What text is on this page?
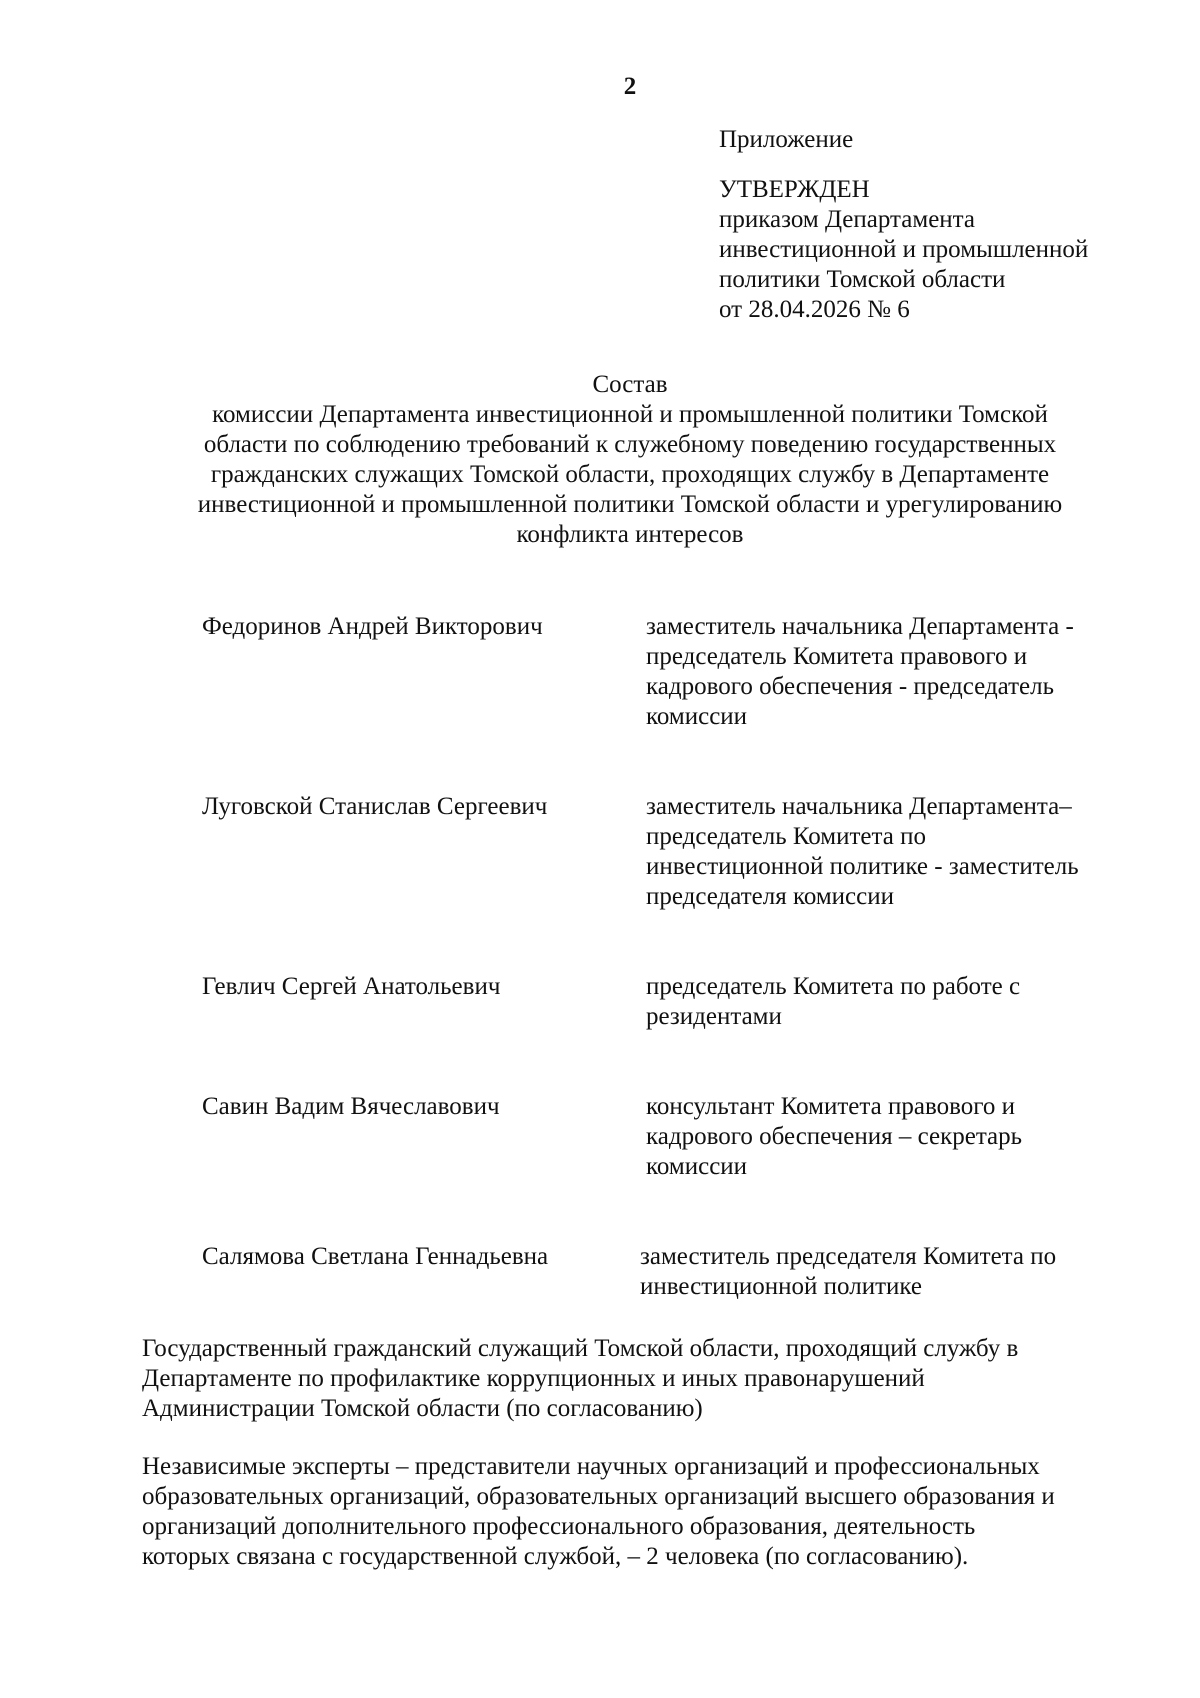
2
Приложение
УТВЕРЖДЕН
приказом Департамента
инвестиционной и промышленной
политики Томской области
от 28.04.2026 № 6
Состав
комиссии Департамента инвестиционной и промышленной политики Томской
области по соблюдению требований к служебному поведению государственных
гражданских служащих Томской области, проходящих службу в Департаменте
инвестиционной и промышленной политики Томской области и урегулированию
конфликта интересов
Федоринов Андрей Викторович	заместитель начальника Департамента -
председатель Комитета правового и
кадрового обеспечения - председатель
комиссии
Луговской Станислав Сергеевич	заместитель начальника Департамента–
председатель Комитета по
инвестиционной политике - заместитель
председателя комиссии
Гевлич Сергей Анатольевич	председатель Комитета по работе с
резидентами
Савин Вадим Вячеславович	консультант Комитета правового и
кадрового обеспечения – секретарь
комиссии
Салямова Светлана Геннадьевна	заместитель председателя Комитета по
инвестиционной политике
Государственный гражданский служащий Томской области, проходящий службу в
Департаменте по профилактике коррупционных и иных правонарушений
Администрации Томской области (по согласованию)
Независимые эксперты – представители научных организаций и профессиональных
образовательных организаций, образовательных организаций высшего образования и
организаций дополнительного профессионального образования, деятельность
которых связана с государственной службой, – 2 человека (по согласованию).
